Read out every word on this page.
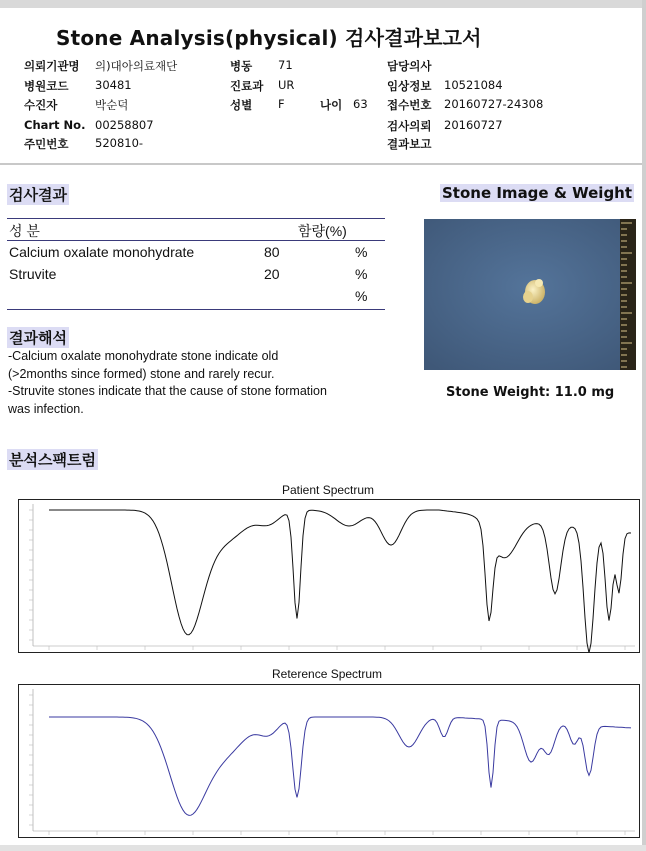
Stone Analysis(physical) 검사결과보고서
의뢰기관명 의)대아의료재단	병동 71	담당의사
병원코드 30481	진료과 UR	임상정보 10521084
수진자	박순덕	성별 F	나이 63 접수번호 20160727-24308
Chart No. 00258807	검사의뢰 20160727
주민번호 520810-	결과보고
검사결과
성 분	함량(%)
Calcium oxalate monohydrate	80	%
Struvite	20	%
%
결과해석
-Calcium oxalate monohydrate stone indicate old
(>2months since formed) stone and rarely recur.
-Struvite stones indicate that the cause of stone formation
was infection.
Stone Image & Weight
Stone Weight: 11.0 mg
분석스팩트럼
Patient Spectrum
Reterence Spectrum
